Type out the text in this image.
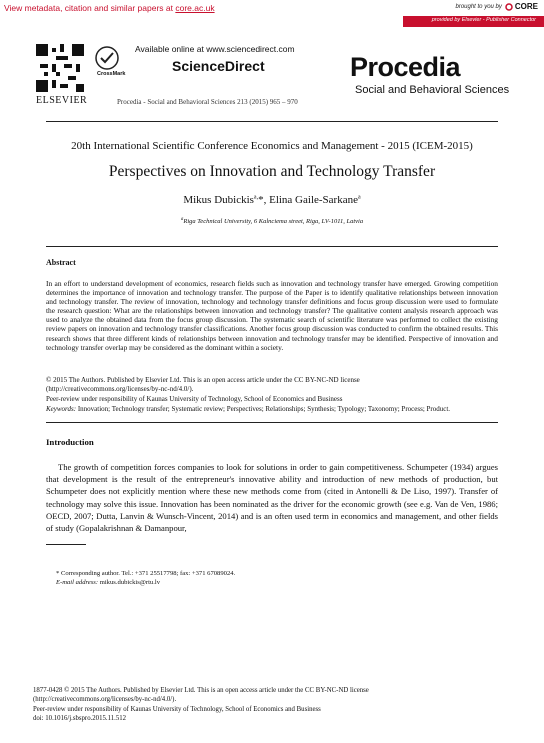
View metadata, citation and similar papers at core.ac.uk	brought to you by CORE
provided by Elsevier - Publisher Connector
ELSEVIER
CrossMark
Available online at www.sciencedirect.com
ScienceDirect
Procedia - Social and Behavioral Sciences 213 (2015) 965 – 970
Procedia
Social and Behavioral Sciences
20th International Scientific Conference Economics and Management - 2015 (ICEM-2015)
Perspectives on Innovation and Technology Transfer
Mikus Dubickis$^{a,}$*, Elina Gaile-Sarkane$^a$
$^a$Riga Technical University, 6 Kalnciema street, Riga, LV-1011, Latvia
Abstract
In an effort to understand development of economics, research fields such as innovation and technology transfer have emerged. Growing competition determines the importance of innovation and technology transfer. The purpose of the Paper is to identify qualitative relationships between innovation and technology transfer. The review of innovation, technology and technology transfer definitions and focus group discussion were used to formulate the research question: What are the relationships between innovation and technology transfer? The qualitative content analysis research approach was used to analyze the obtained data from the focus group discussion. The systematic search of scientific literature was performed to collect the existing review papers on innovation and technology transfer classifications. Another focus group discussion was conducted to confirm the obtained results. This research shows that three different kinds of relationships between innovation and technology transfer may be identified. Perspective of innovation and technology transfer overlap may be considered as the dominant within a society.
© 2015 The Authors. Published by Elsevier Ltd. This is an open access article under the CC BY-NC-ND license
(http://creativecommons.org/licenses/by-nc-nd/4.0/).
Peer-review under responsibility of Kaunas University of Technology, School of Economics and Business
Keywords: Innovation; Technology transfer; Systematic review; Perspectives; Relationships; Synthesis; Typology; Taxonomy; Process; Product.
Introduction
The growth of competition forces companies to look for solutions in order to gain competitiveness. Schumpeter (1934) argues that development is the result of the entrepreneur's innovative ability and introduction of new methods of production, but Schumpeter does not explicitly mention where these new methods come from (cited in Antonelli & De Liso, 1997). Transfer of technology may solve this issue. Innovation has been nominated as the driver for the economic growth (see e.g. Van de Ven, 1986; OECD, 2007; Dutta, Lanvin & Wunsch-Vincent, 2014) and is an often used term in economics and management, and other fields of study (Gopalakrishnan & Damanpour,
* Corresponding author. Tel.: +371 25517798; fax: +371 67089024.
E-mail address: mikus.dubickis@rtu.lv
1877-0428 © 2015 The Authors. Published by Elsevier Ltd. This is an open access article under the CC BY-NC-ND license
(http://creativecommons.org/licenses/by-nc-nd/4.0/).
Peer-review under responsibility of Kaunas University of Technology, School of Economics and Business
doi: 10.1016/j.sbspro.2015.11.512
